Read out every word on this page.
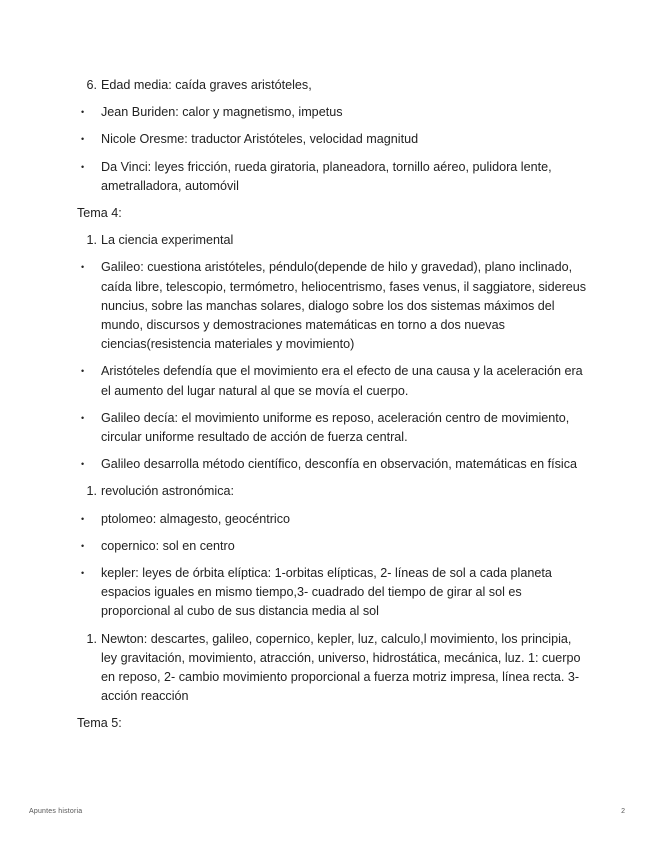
6. Edad media: caída graves aristóteles,
• Jean Buriden: calor y magnetismo, impetus
• Nicole Oresme: traductor Aristóteles, velocidad magnitud
• Da Vinci: leyes fricción, rueda giratoria, planeadora, tornillo aéreo, pulidora lente, ametralladora, automóvil
Tema 4:
1. La ciencia experimental
• Galileo: cuestiona aristóteles, péndulo(depende de hilo y gravedad), plano inclinado, caída libre, telescopio, termómetro, heliocentrismo, fases venus, il saggiatore, sidereus nuncius, sobre las manchas solares, dialogo sobre los dos sistemas máximos del mundo, discursos y demostraciones matemáticas en torno a dos nuevas ciencias(resistencia materiales y movimiento)
• Aristóteles defendía que el movimiento era el efecto de una causa y la aceleración era el aumento del lugar natural al que se movía el cuerpo.
• Galileo decía: el movimiento uniforme es reposo, aceleración centro de movimiento, circular uniforme resultado de acción de fuerza central.
• Galileo desarrolla método científico, desconfía en observación, matemáticas en física
1. revolución astronómica:
• ptolomeo: almagesto, geocéntrico
• copernico: sol en centro
• kepler: leyes de órbita elíptica: 1-orbitas elípticas, 2- líneas de sol a cada planeta espacios iguales en mismo tiempo,3- cuadrado del tiempo de girar al sol es proporcional al cubo de sus distancia media al sol
1. Newton: descartes, galileo, copernico, kepler, luz, calculo,l movimiento, los principia, ley gravitación, movimiento, atracción, universo, hidrostática, mecánica, luz. 1: cuerpo en reposo, 2- cambio movimiento proporcional a fuerza motriz impresa, línea recta. 3- acción reacción
Tema 5:
Apuntes historia	2
